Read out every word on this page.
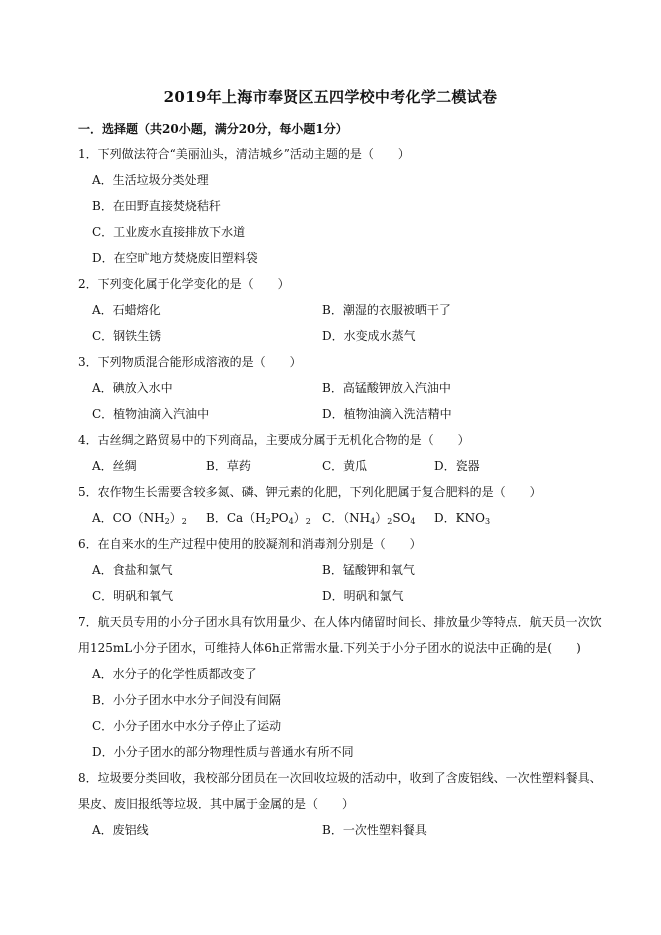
2019年上海市奉贤区五四学校中考化学二模试卷
一．选择题（共20小题，满分20分，每小题1分）
1．下列做法符合“美丽汕头，清洁城乡”活动主题的是（　　）
A．生活垃圾分类处理
B．在田野直接焚烧秸秆
C．工业废水直接排放下水道
D．在空旷地方焚烧废旧塑料袋
2．下列变化属于化学变化的是（　　）
A．石蜡熔化	B．潮湿的衣服被晒干了
C．钢铁生锈	D．水变成水蒸气
3．下列物质混合能形成溶液的是（　　）
A．碘放入水中	B．高锰酸钾放入汽油中
C．植物油滴入汽油中	D．植物油滴入洗洁精中
4．古丝绸之路贸易中的下列商品，主要成分属于无机化合物的是（　　）
A．丝绸	B．草药	C．黄瓜	D．瓷器
5．农作物生长需要含较多氮、磷、钾元素的化肥，下列化肥属于复合肥料的是（　　）
A．$CO(NH_2)_2$ B．$Ca(H_2PO_4)_2$ C．$(NH_4)_2SO_4$ D．$KNO_3$
6．在自来水的生产过程中使用的胶凝剂和消毒剂分别是（　　）
A．食盐和氯气	B．锰酸钾和氧气
C．明矾和氧气	D．明矾和氯气
7．航天员专用的小分子团水具有饮用量少、在人体内储留时间长、排放量少等特点．航天员一次饮
用125mL小分子团水，可维持人体6h正常需水量.下列关于小分子团水的说法中正确的是(　　)
A．水分子的化学性质都改变了
B．小分子团水中水分子间没有间隔
C．小分子团水中水分子停止了运动
D．小分子团水的部分物理性质与普通水有所不同
8．垃圾要分类回收，我校部分团员在一次回收垃圾的活动中，收到了含废铝线、一次性塑料餐具、
果皮、废旧报纸等垃圾．其中属于金属的是（　　）
A．废铝线	B．一次性塑料餐具
